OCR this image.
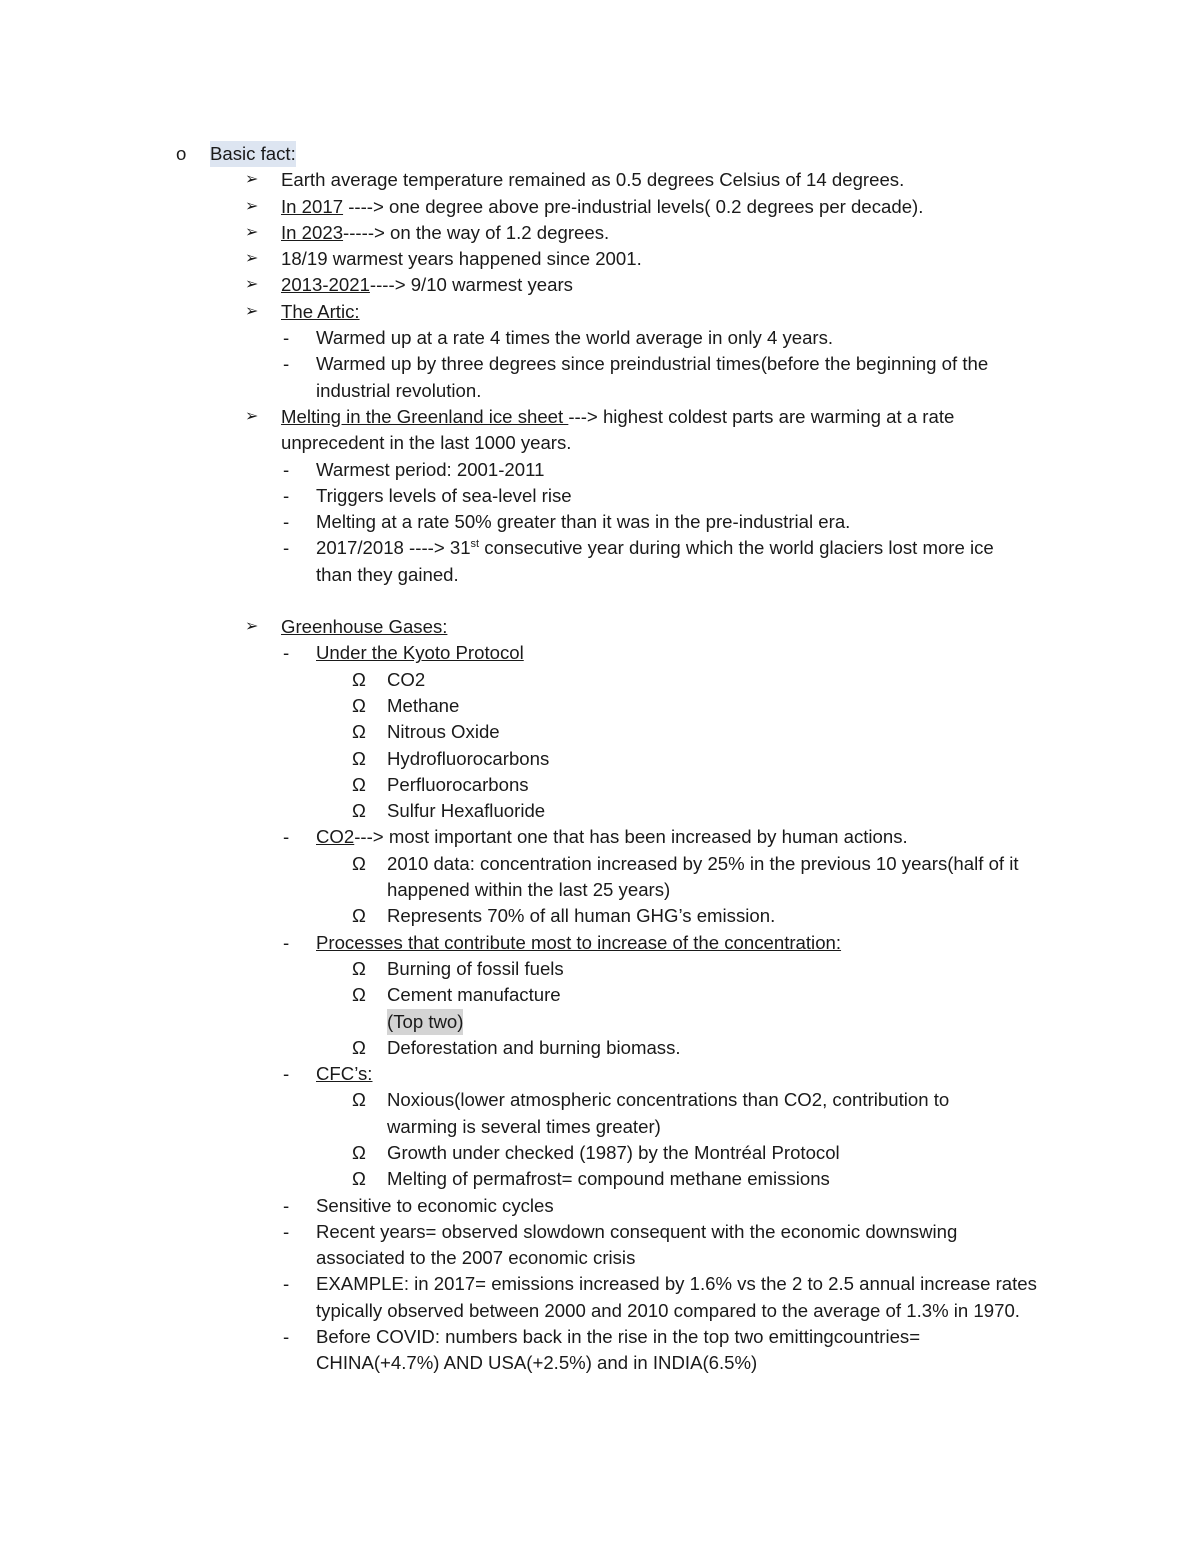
o Basic fact:
➢ Earth average temperature remained as 0.5 degrees Celsius of 14 degrees.
➢ In 2017 ----> one degree above pre-industrial levels( 0.2 degrees per decade).
➢ In 2023-----> on the way of 1.2 degrees.
➢ 18/19 warmest years happened since 2001.
➢ 2013-2021----> 9/10 warmest years
➢ The Artic:
- Warmed up at a rate 4 times the world average in only 4 years.
- Warmed up by three degrees since preindustrial times(before the beginning of the
industrial revolution.
➢ Melting in the Greenland ice sheet ---> highest coldest parts are warming at a rate
unprecedent in the last 1000 years.
- Warmest period: 2001-2011
- Triggers levels of sea-level rise
- Melting at a rate 50% greater than it was in the pre-industrial era.
- 2017/2018 ----> 31st consecutive year during which the world glaciers lost more ice
than they gained.
➢ Greenhouse Gases:
- Under the Kyoto Protocol
Ω CO2
Ω Methane
Ω Nitrous Oxide
Ω Hydrofluorocarbons
Ω Perfluorocarbons
Ω Sulfur Hexafluoride
- CO2---> most important one that has been increased by human actions.
Ω 2010 data: concentration increased by 25% in the previous 10 years(half of it
happened within the last 25 years)
Ω Represents 70% of all human GHG’s emission.
- Processes that contribute most to increase of the concentration:
Ω Burning of fossil fuels
Ω Cement manufacture
(Top two)
Ω Deforestation and burning biomass.
- CFC’s:
Ω Noxious(lower atmospheric concentrations than CO2, contribution to
warming is several times greater)
Ω Growth under checked (1987) by the Montréal Protocol
Ω Melting of permafrost= compound methane emissions
- Sensitive to economic cycles
- Recent years= observed slowdown consequent with the economic downswing
associated to the 2007 economic crisis
- EXAMPLE: in 2017= emissions increased by 1.6% vs the 2 to 2.5 annual increase rates
typically observed between 2000 and 2010 compared to the average of 1.3% in 1970.
- Before COVID: numbers back in the rise in the top two emittingcountries=
CHINA(+4.7%) AND USA(+2.5%) and in INDIA(6.5%)
